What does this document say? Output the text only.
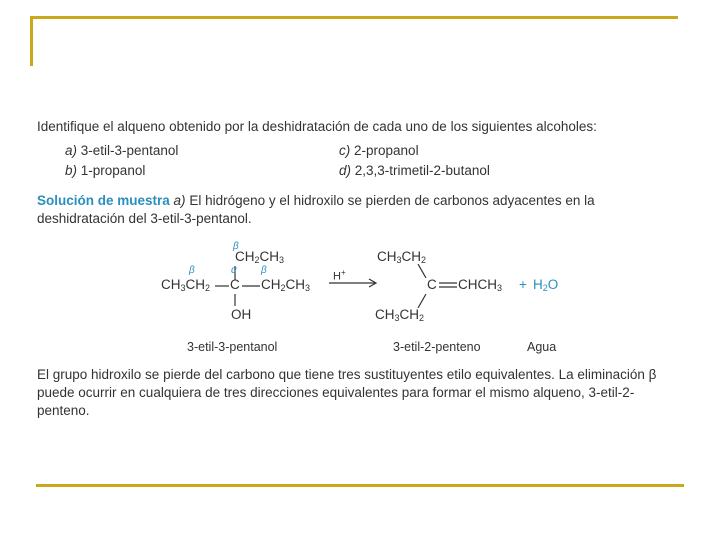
Identifique el alqueno obtenido por la deshidratación de cada uno de los siguientes alcoholes:
a) 3-etil-3-pentanol
b) 1-propanol
c) 2-propanol
d) 2,3,3-trimetil-2-butanol
Solución de muestra a) El hidrógeno y el hidroxilo se pierden de carbonos adyacentes en la deshidratación del 3-etil-3-pentanol.
β
$CH_2CH_3$
β	α β
$CH_3CH_2$ C $CH_2CH_3$
OH
H+
$CH_3CH_2$
C $CHCH_3 + H_2O$
$CH_3CH_2$
3-etil-3-pentanol	3-etil-2-penteno	Agua
El grupo hidroxilo se pierde del carbono que tiene tres sustituyentes etilo equivalentes. La eliminación β puede ocurrir en cualquiera de tres direcciones equivalentes para formar el mismo alqueno, 3-etil-2-penteno.
